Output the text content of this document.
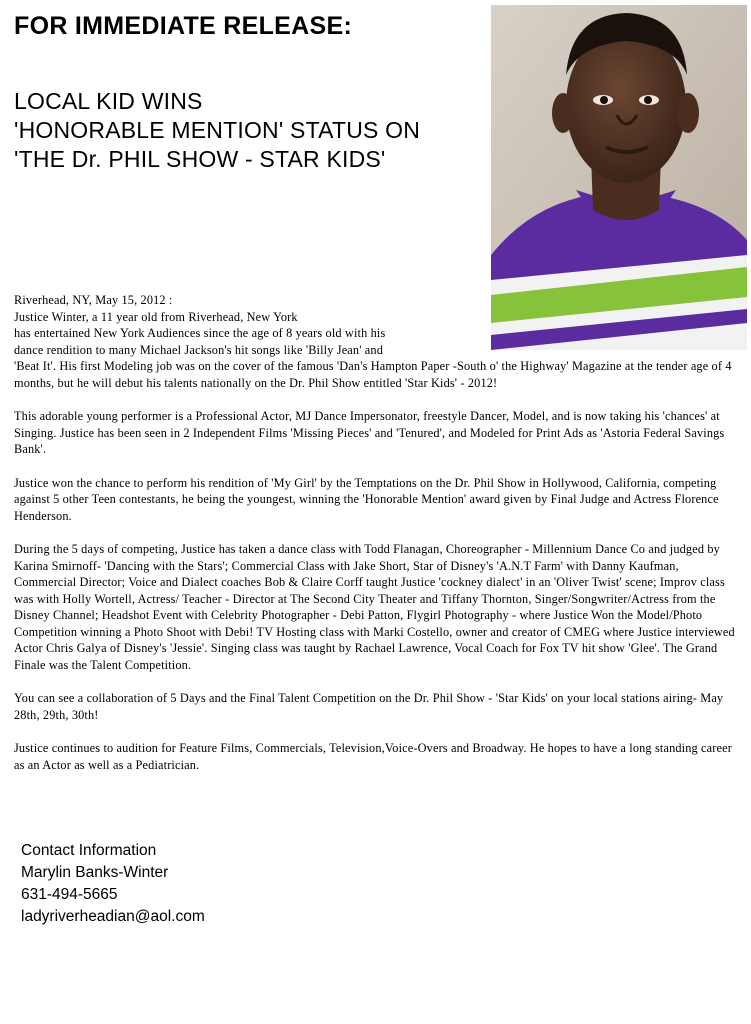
FOR IMMEDIATE RELEASE:
LOCAL KID WINS
'HONORABLE MENTION' STATUS ON
'THE Dr. PHIL SHOW - STAR KIDS'

Riverhead, NY, May 15, 2012 :

Justice Winter, a 11 year old from Riverhead, New York

has entertained New York Audiences since the age of 8 years old with his

dance rendition to many Michael Jackson's hit songs like 'Billy Jean' and

'Beat It'. His first Modeling job was on the cover of the famous 'Dan's Hampton Paper -South o' the Highway' Magazine at the tender age of 4 months, but he will debut his talents nationally on the Dr. Phil Show entitled 'Star Kids' - 2012!

This adorable young performer is a Professional Actor, MJ Dance Impersonator, freestyle Dancer, Model, and is now taking his 'chances' at Singing. Justice has been seen in 2 Independent Films 'Missing Pieces' and 'Tenured', and Modeled for Print Ads as 'Astoria Federal Savings Bank'.

Justice won the chance to perform his rendition of 'My Girl' by the Temptations on the Dr. Phil Show in Hollywood, California, competing against 5 other Teen contestants, he being the youngest, winning the 'Honorable Mention' award given by Final Judge and Actress Florence Henderson.

During the 5 days of competing, Justice has taken a dance class with Todd Flanagan, Choreographer - Millennium Dance Co and judged by Karina Smirnoff- 'Dancing with the Stars'; Commercial Class with Jake Short, Star of Disney's 'A.N.T Farm' with Danny Kaufman, Commercial Director; Voice and Dialect coaches Bob & Claire Corff taught Justice 'cockney dialect' in an 'Oliver Twist' scene; Improv class was with Holly Wortell, Actress/ Teacher - Director at The Second City Theater and Tiffany Thornton, Singer/Songwriter/Actress from the Disney Channel; Headshot Event with Celebrity Photographer - Debi Patton, Flygirl Photography - where Justice Won the Model/Photo Competition winning a Photo Shoot with Debi! TV Hosting class with Marki Costello, owner and creator of CMEG where Justice interviewed Actor Chris Galya of Disney's 'Jessie'. Singing class was taught by Rachael Lawrence, Vocal Coach for Fox TV hit show 'Glee'. The Grand Finale was the Talent Competition.

You can see a collaboration of 5 Days and the Final Talent Competition on the Dr. Phil Show - 'Star Kids' on your local stations airing- May 28th, 29th, 30th!

Justice continues to audition for Feature Films, Commercials, Television,Voice-Overs and Broadway. He hopes to have a long standing career as an Actor as well as a Pediatrician.

Contact Information
Marylin Banks-Winter
631-494-5665
ladyriverheadian@aol.com
